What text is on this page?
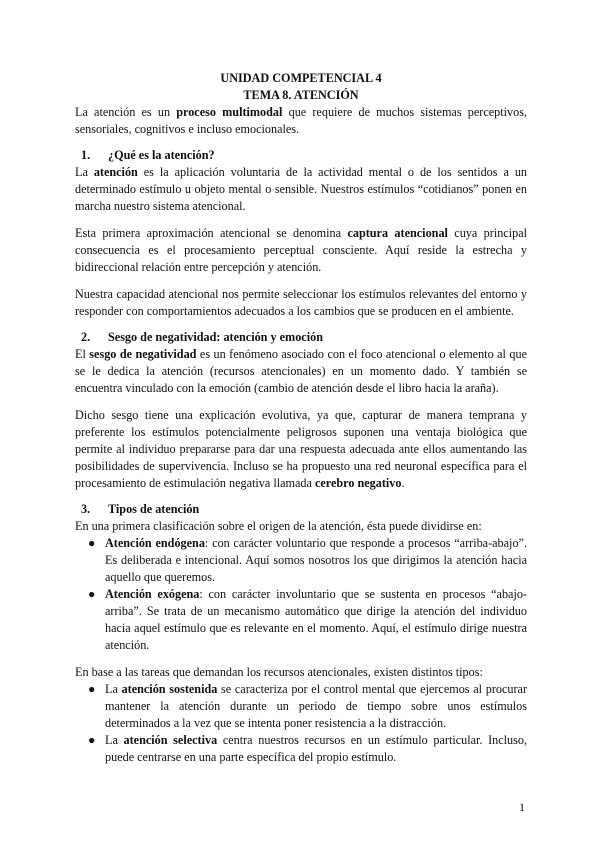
UNIDAD COMPETENCIAL 4

TEMA 8. ATENCIÓN

La atención es un proceso multimodal que requiere de muchos sistemas perceptivos, sensoriales, cognitivos e incluso emocionales.

1.	¿Qué es la atención?

La atención es la aplicación voluntaria de la actividad mental o de los sentidos a un determinado estímulo u objeto mental o sensible. Nuestros estímulos “cotidianos” ponen en marcha nuestro sistema atencional.

Esta primera aproximación atencional se denomina captura atencional cuya principal consecuencia es el procesamiento perceptual consciente. Aquí reside la estrecha y bidireccional relación entre percepción y atención.

Nuestra capacidad atencional nos permite seleccionar los estímulos relevantes del entorno y responder con comportamientos adecuados a los cambios que se producen en el ambiente.

2.	Sesgo de negatividad: atención y emoción

El sesgo de negatividad es un fenómeno asociado con el foco atencional o elemento al que se le dedica la atención (recursos atencionales) en un momento dado. Y también se encuentra vinculado con la emoción (cambio de atención desde el libro hacia la araña).

Dicho sesgo tiene una explicación evolutiva, ya que, capturar de manera temprana y preferente los estímulos potencialmente peligrosos suponen una ventaja biológica que permite al individuo prepararse para dar una respuesta adecuada ante ellos aumentando las posibilidades de supervivencia. Incluso se ha propuesto una red neuronal específica para el procesamiento de estimulación negativa llamada cerebro negativo.

3.	Tipos de atención

En una primera clasificación sobre el origen de la atención, ésta puede dividirse en:

● Atención endógena: con carácter voluntario que responde a procesos “arriba-abajo”. Es deliberada e intencional. Aquí somos nosotros los que dirigimos la atención hacia aquello que queremos.
● Atención exógena: con carácter involuntario que se sustenta en procesos “abajo-arriba”. Se trata de un mecanismo automático que dirige la atención del individuo hacia aquel estímulo que es relevante en el momento. Aquí, el estímulo dirige nuestra atención.

En base a las tareas que demandan los recursos atencionales, existen distintos tipos:

● La atención sostenida se caracteriza por el control mental que ejercemos al procurar mantener la atención durante un periodo de tiempo sobre unos estímulos determinados a la vez que se intenta poner resistencia a la distracción.
● La atención selectiva centra nuestros recursos en un estímulo particular. Incluso, puede centrarse en una parte específica del propio estímulo.
1
